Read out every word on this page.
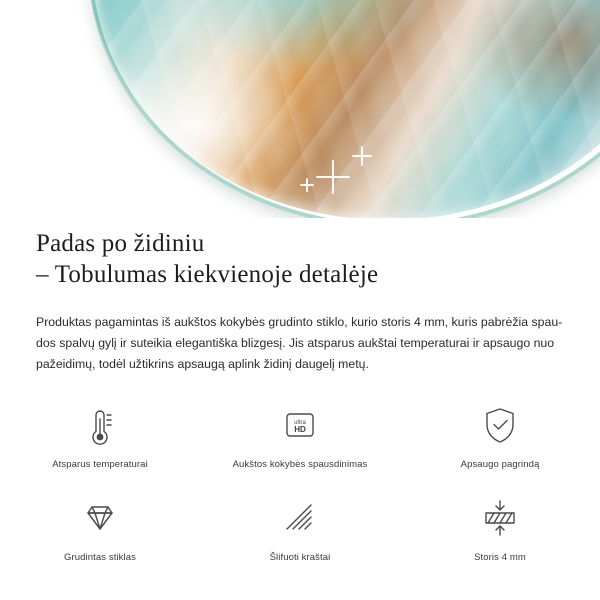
Padas po židiniu
– Tobulumas kiekvienoje detalėje

Produktas pagamintas iš aukštos kokybės grudinto stiklo, kurio storis 4 mm, kuris pabrėžia spaudos spalvų gylį ir suteikia elegantiška blizgesį. Jis atsparus aukštai temperaturai ir apsaugo nuo pažeidimų, todėl užtikrins apsaugą aplink židinį daugelį metų.

Atsparus temperaturai
ultra
HD
Aukštos kokybės spausdinimas	Apsaugo pagrindą
Grudintas stiklas	Šlifuoti kraštai	Storis 4 mm
